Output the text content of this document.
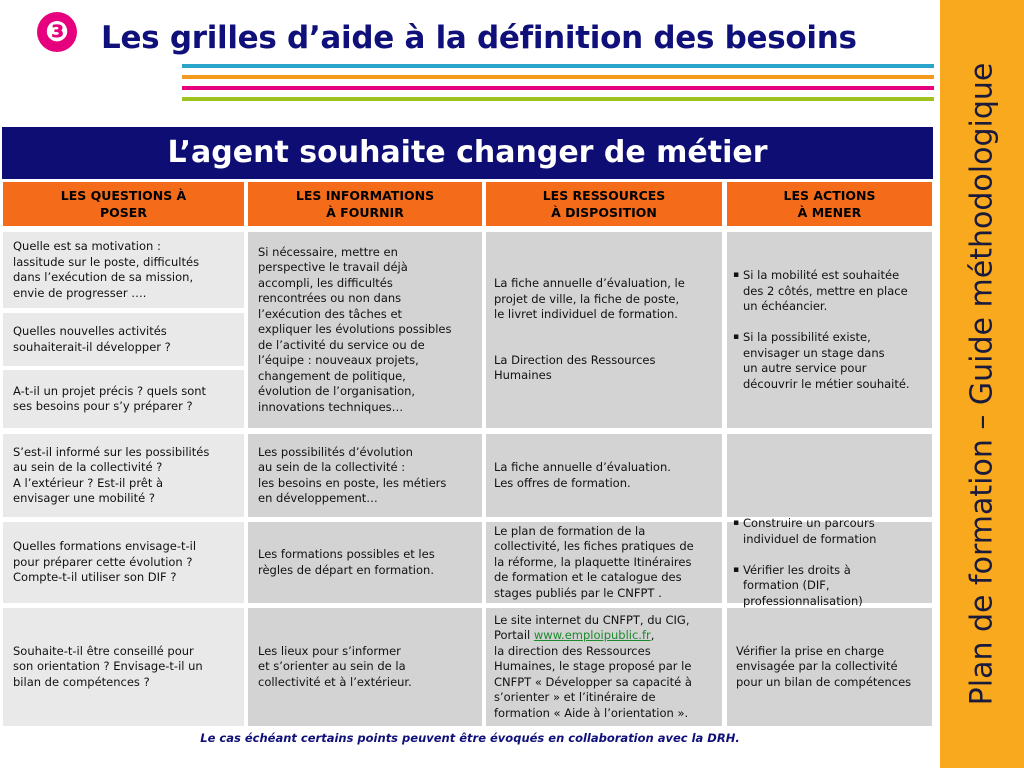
❸ Les grilles d’aide à la définition des besoins
Plan de formation – Guide méthodologique
L’agent souhaite changer de métier
LES QUESTIONS À
POSER
LES INFORMATIONS
À FOURNIR
LES RESSOURCES
À DISPOSITION
LES ACTIONS
À MENER
Quelle est sa motivation :
lassitude sur le poste, difficultés
dans l’exécution de sa mission,
envie de progresser ….
Quelles nouvelles activités
souhaiterait-il développer ?
A-t-il un projet précis ? quels sont
ses besoins pour s’y préparer ?
S’est-il informé sur les possibilités
au sein de la collectivité ?
A l’extérieur ? Est-il prêt à
envisager une mobilité ?
Quelles formations envisage-t-il
pour préparer cette évolution ?
Compte-t-il utiliser son DIF ?
Souhaite-t-il être conseillé pour
son orientation ? Envisage-t-il un
bilan de compétences ?
Si nécessaire, mettre en
perspective le travail déjà
accompli, les difficultés
rencontrées ou non dans
l’exécution des tâches et
expliquer les évolutions possibles
de l’activité du service ou de
l’équipe : nouveaux projets,
changement de politique,
évolution de l’organisation,
innovations techniques…
Les possibilités d’évolution
au sein de la collectivité :
les besoins en poste, les métiers
en développement…
Les formations possibles et les
règles de départ en formation.
Les lieux pour s’informer
et s’orienter au sein de la
collectivité et à l’extérieur.
La fiche annuelle d’évaluation, le
projet de ville, la fiche de poste,
le livret individuel de formation.
La Direction des Ressources
Humaines
La fiche annuelle d’évaluation.
Les offres de formation.
Le plan de formation de la
collectivité, les fiches pratiques de
la réforme, la plaquette Itinéraires
de formation et le catalogue des
stages publiés par le CNFPT .
Le site internet du CNFPT, du CIG,
Portail www.emploipublic.fr,
la direction des Ressources
Humaines, le stage proposé par le
CNFPT « Développer sa capacité à
s’orienter » et l’itinéraire de
formation « Aide à l’orientation ».

▪ Si la mobilité est souhaitée
des 2 côtés, mettre en place
un échéancier.

▪ Si la possibilité existe,
envisager un stage dans
un autre service pour
découvrir le métier souhaité.

▪ Construire un parcours
individuel de formation

▪ Vérifier les droits à
formation (DIF,
professionnalisation)

Vérifier la prise en charge
envisagée par la collectivité
pour un bilan de compétences
Le cas échéant certains points peuvent être évoqués en collaboration avec la DRH.
